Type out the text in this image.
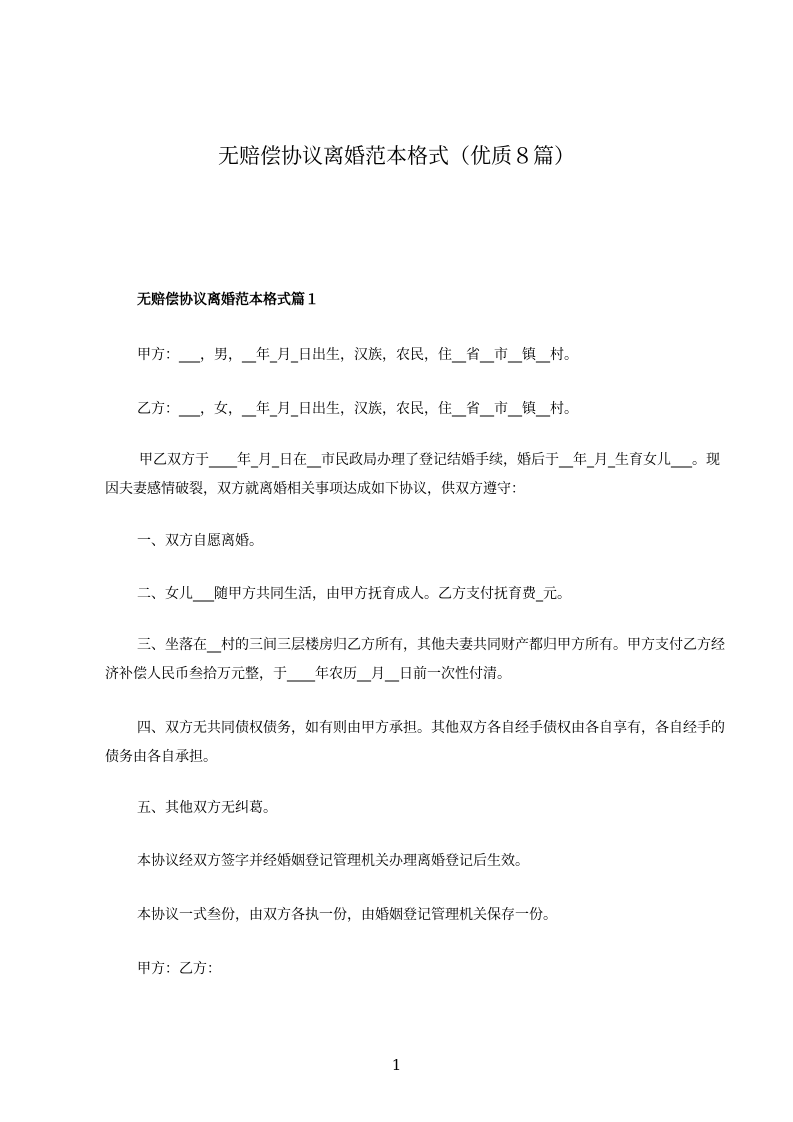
无赔偿协议离婚范本格式（优质８篇）
无赔偿协议离婚范本格式篇１
甲方：___，男，__年_月_日出生，汉族，农民，住__省__市__镇__村。
乙方：___，女，__年_月_日出生，汉族，农民，住__省__市__镇__村。
甲乙双方于____年_月_日在__市民政局办理了登记结婚手续，婚后于__年_月_生育女儿___。现因夫妻感情破裂，双方就离婚相关事项达成如下协议，供双方遵守：
一、双方自愿离婚。
二、女儿___随甲方共同生活，由甲方抚育成人。乙方支付抚育费_元。
三、坐落在__村的三间三层楼房归乙方所有，其他夫妻共同财产都归甲方所有。甲方支付乙方经济补偿人民币叁拾万元整，于____年农历__月__日前一次性付清。
四、双方无共同债权债务，如有则由甲方承担。其他双方各自经手债权由各自享有，各自经手的债务由各自承担。
五、其他双方无纠葛。
本协议经双方签字并经婚姻登记管理机关办理离婚登记后生效。
本协议一式叁份，由双方各执一份，由婚姻登记管理机关保存一份。
甲方：乙方：
1
